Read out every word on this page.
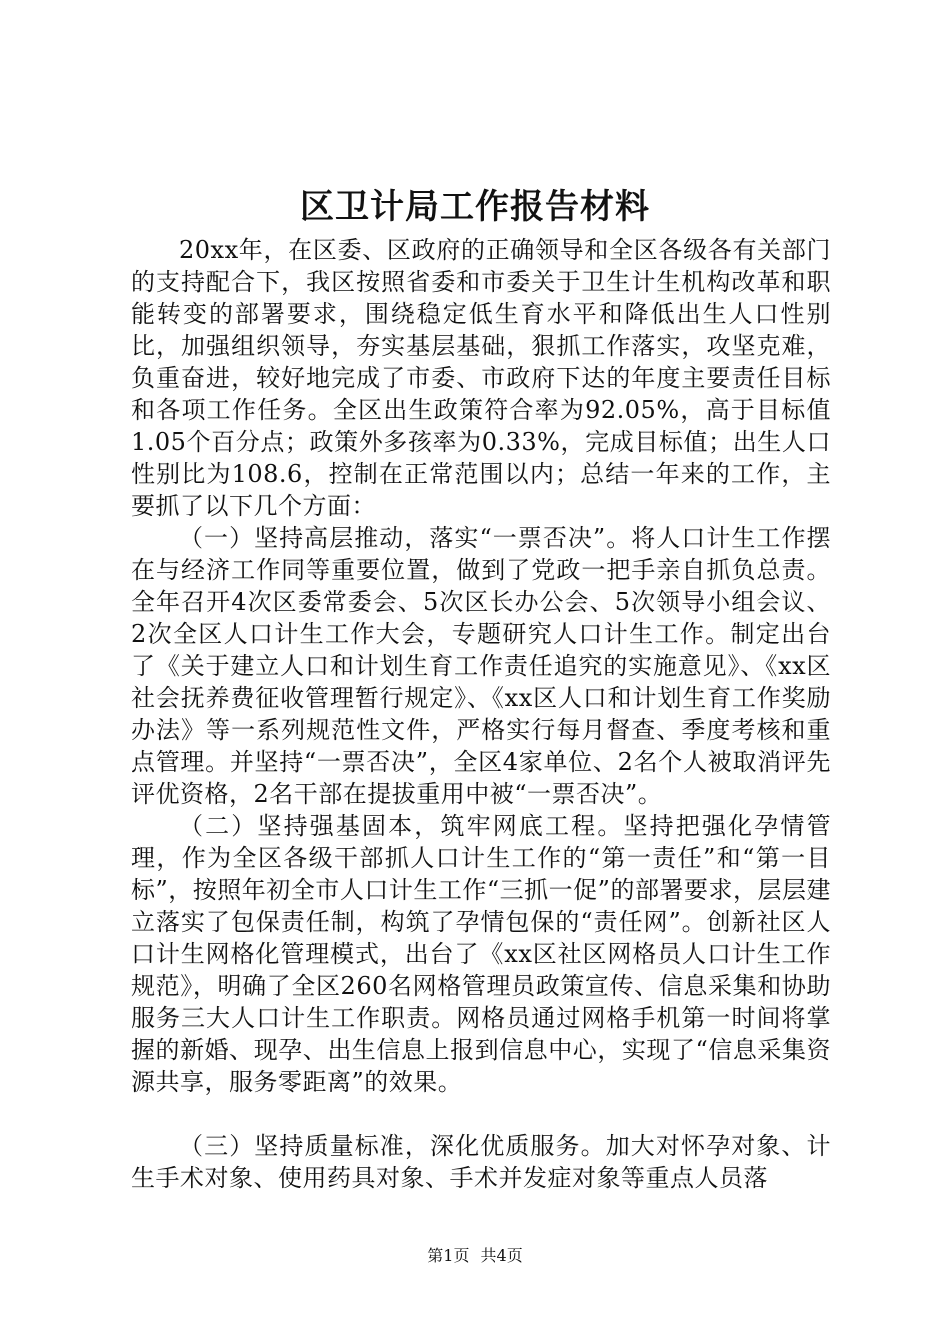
区卫计局工作报告材料

20xx年，在区委、区政府的正确领导和全区各级各有关部门的支持配合下，我区按照省委和市委关于卫生计生机构改革和职能转变的部署要求，围绕稳定低生育水平和降低出生人口性别比，加强组织领导，夯实基层基础，狠抓工作落实，攻坚克难，负重奋进，较好地完成了市委、市政府下达的年度主要责任目标和各项工作任务。全区出生政策符合率为92.05%，高于目标值1.05个百分点；政策外多孩率为0.33%，完成目标值；出生人口性别比为108.6，控制在正常范围以内；总结一年来的工作，主要抓了以下几个方面：

（一）坚持高层推动，落实“一票否决”。将人口计生工作摆在与经济工作同等重要位置，做到了党政一把手亲自抓负总责。全年召开4次区委常委会、5次区长办公会、5次领导小组会议、2次全区人口计生工作大会，专题研究人口计生工作。制定出台了《关于建立人口和计划生育工作责任追究的实施意见》、《xx区社会抚养费征收管理暂行规定》、《xx区人口和计划生育工作奖励办法》等一系列规范性文件，严格实行每月督查、季度考核和重点管理。并坚持“一票否决”，全区4家单位、2名个人被取消评先评优资格，2名干部在提拔重用中被“一票否决”。

（二）坚持强基固本，筑牢网底工程。坚持把强化孕情管理，作为全区各级干部抓人口计生工作的“第一责任”和“第一目标”，按照年初全市人口计生工作“三抓一促”的部署要求，层层建立落实了包保责任制，构筑了孕情包保的“责任网”。创新社区人口计生网格化管理模式，出台了《xx区社区网格员人口计生工作规范》，明确了全区260名网格管理员政策宣传、信息采集和协助服务三大人口计生工作职责。网格员通过网格手机第一时间将掌握的新婚、现孕、出生信息上报到信息中心，实现了“信息采集资源共享，服务零距离”的效果。

（三）坚持质量标准，深化优质服务。加大对怀孕对象、计生手术对象、使用药具对象、手术并发症对象等重点人员落

第1页 共4页
